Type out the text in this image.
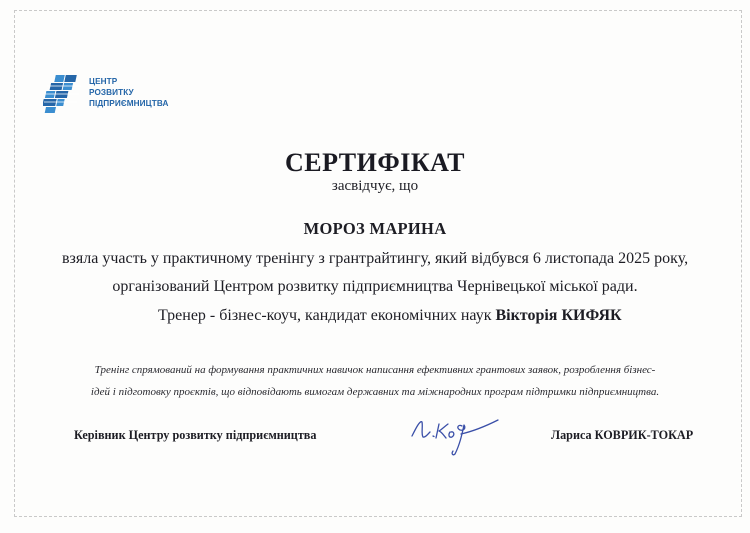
ЦЕНТР
РОЗВИТКУ
ПІДПРИЄМНИЦТВА
СЕРТИФІКАТ
засвідчує, що
МОРОЗ МАРИНА
взяла участь у практичному тренінгу з грантрайтингу, який відбувся 6 листопада 2025 року,
організований Центром розвитку підприємництва Чернівецької міської ради.
Тренер - бізнес-коуч, кандидат економічних наук Вікторія КИФЯК
Тренінг спрямований на формування практичних навичок написання ефективних грантових заявок, розроблення бізнес-
ідей і підготовку проєктів, що відповідають вимогам державних та міжнародних програм підтримки підприємництва.
Керівник Центру розвитку підприємництва	Лариса КОВРИК-ТОКАР
